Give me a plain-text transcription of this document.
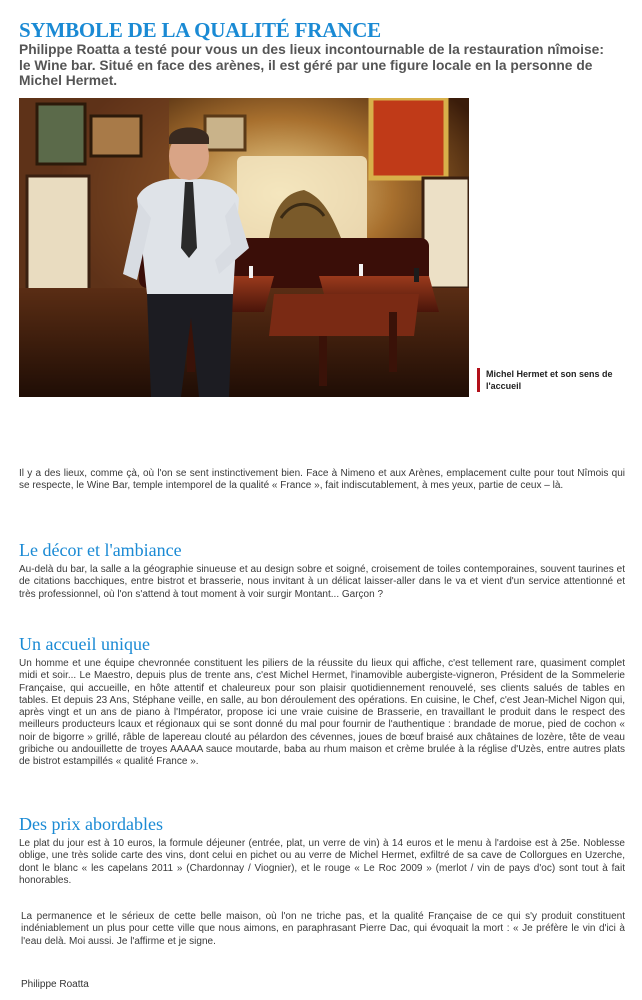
SYMBOLE DE LA QUALITÉ FRANCE

Philippe Roatta a testé pour vous un des lieux incontournable de la restauration nîmoise: le Wine bar. Situé en face des arènes, il est géré par une figure locale en la personne de Michel Hermet.

Michel Hermet et son sens de l'accueil

Il y a des lieux, comme çà, où l'on se sent instinctivement bien. Face à Nimeno et aux Arènes, emplacement culte pour tout Nîmois qui se respecte, le Wine Bar, temple intemporel de la qualité « France », fait indiscutablement, à mes yeux, partie de ceux – là.

Le décor et l'ambiance

Au-delà du bar, la salle a la géographie sinueuse et au design sobre et soigné, croisement de toiles contemporaines, souvent taurines et de citations bacchiques, entre bistrot et brasserie, nous invitant à un délicat laisser-aller dans le va et vient d'un service attentionné et très professionnel, où l'on s'attend à tout moment à voir surgir Montant... Garçon ?

Un accueil unique

Un homme et une équipe chevronnée constituent les piliers de la réussite du lieux qui affiche, c'est tellement rare, quasiment complet midi et soir... Le Maestro, depuis plus de trente ans, c'est Michel Hermet, l'inamovible aubergiste-vigneron, Président de la Sommelerie Française, qui accueille, en hôte attentif et chaleureux pour son plaisir quotidiennement renouvelé, ses clients salués de tables en tables. Et depuis 23 Ans, Stéphane veille, en salle, au bon déroulement des opérations. En cuisine, le Chef, c'est Jean-Michel Nigon qui, après vingt et un ans de piano à l'Impérator, propose ici une vraie cuisine de Brasserie, en travaillant le produit dans le respect des meilleurs producteurs lcaux et régionaux qui se sont donné du mal pour fournir de l'authentique : brandade de morue, pied de cochon « noir de bigorre » grillé, râble de lapereau clouté au pélardon des cévennes, joues de bœuf braisé aux châtaines de lozère, tête de veau gribiche ou andouillette de troyes AAAAA sauce moutarde, baba au rhum maison et crème brulée à la réglise d'Uzès, entre autres plats de bistrot estampillés « qualité France ».

Des prix abordables

Le plat du jour est à 10 euros, la formule déjeuner (entrée, plat, un verre de vin) à 14 euros et le menu à l'ardoise est à 25e. Noblesse oblige, une très solide carte des vins, dont celui en pichet ou au verre de Michel Hermet, exfiltré de sa cave de Collorgues en Uzerche, dont le blanc « les capelans 2011 » (Chardonnay / Viognier), et le rouge « Le Roc 2009 » (merlot / vin de pays d'oc) sont tout à fait honorables.

La permanence et le sérieux de cette belle maison, où l'on ne triche pas, et la qualité Française de ce qui s'y produit constituent indéniablement un plus pour cette ville que nous aimons, en paraphrasant Pierre Dac, qui évoquait la mort : « Je préfère le vin d'ici à l'eau delà. Moi aussi. Je l'affirme et je signe.

Philippe Roatta
